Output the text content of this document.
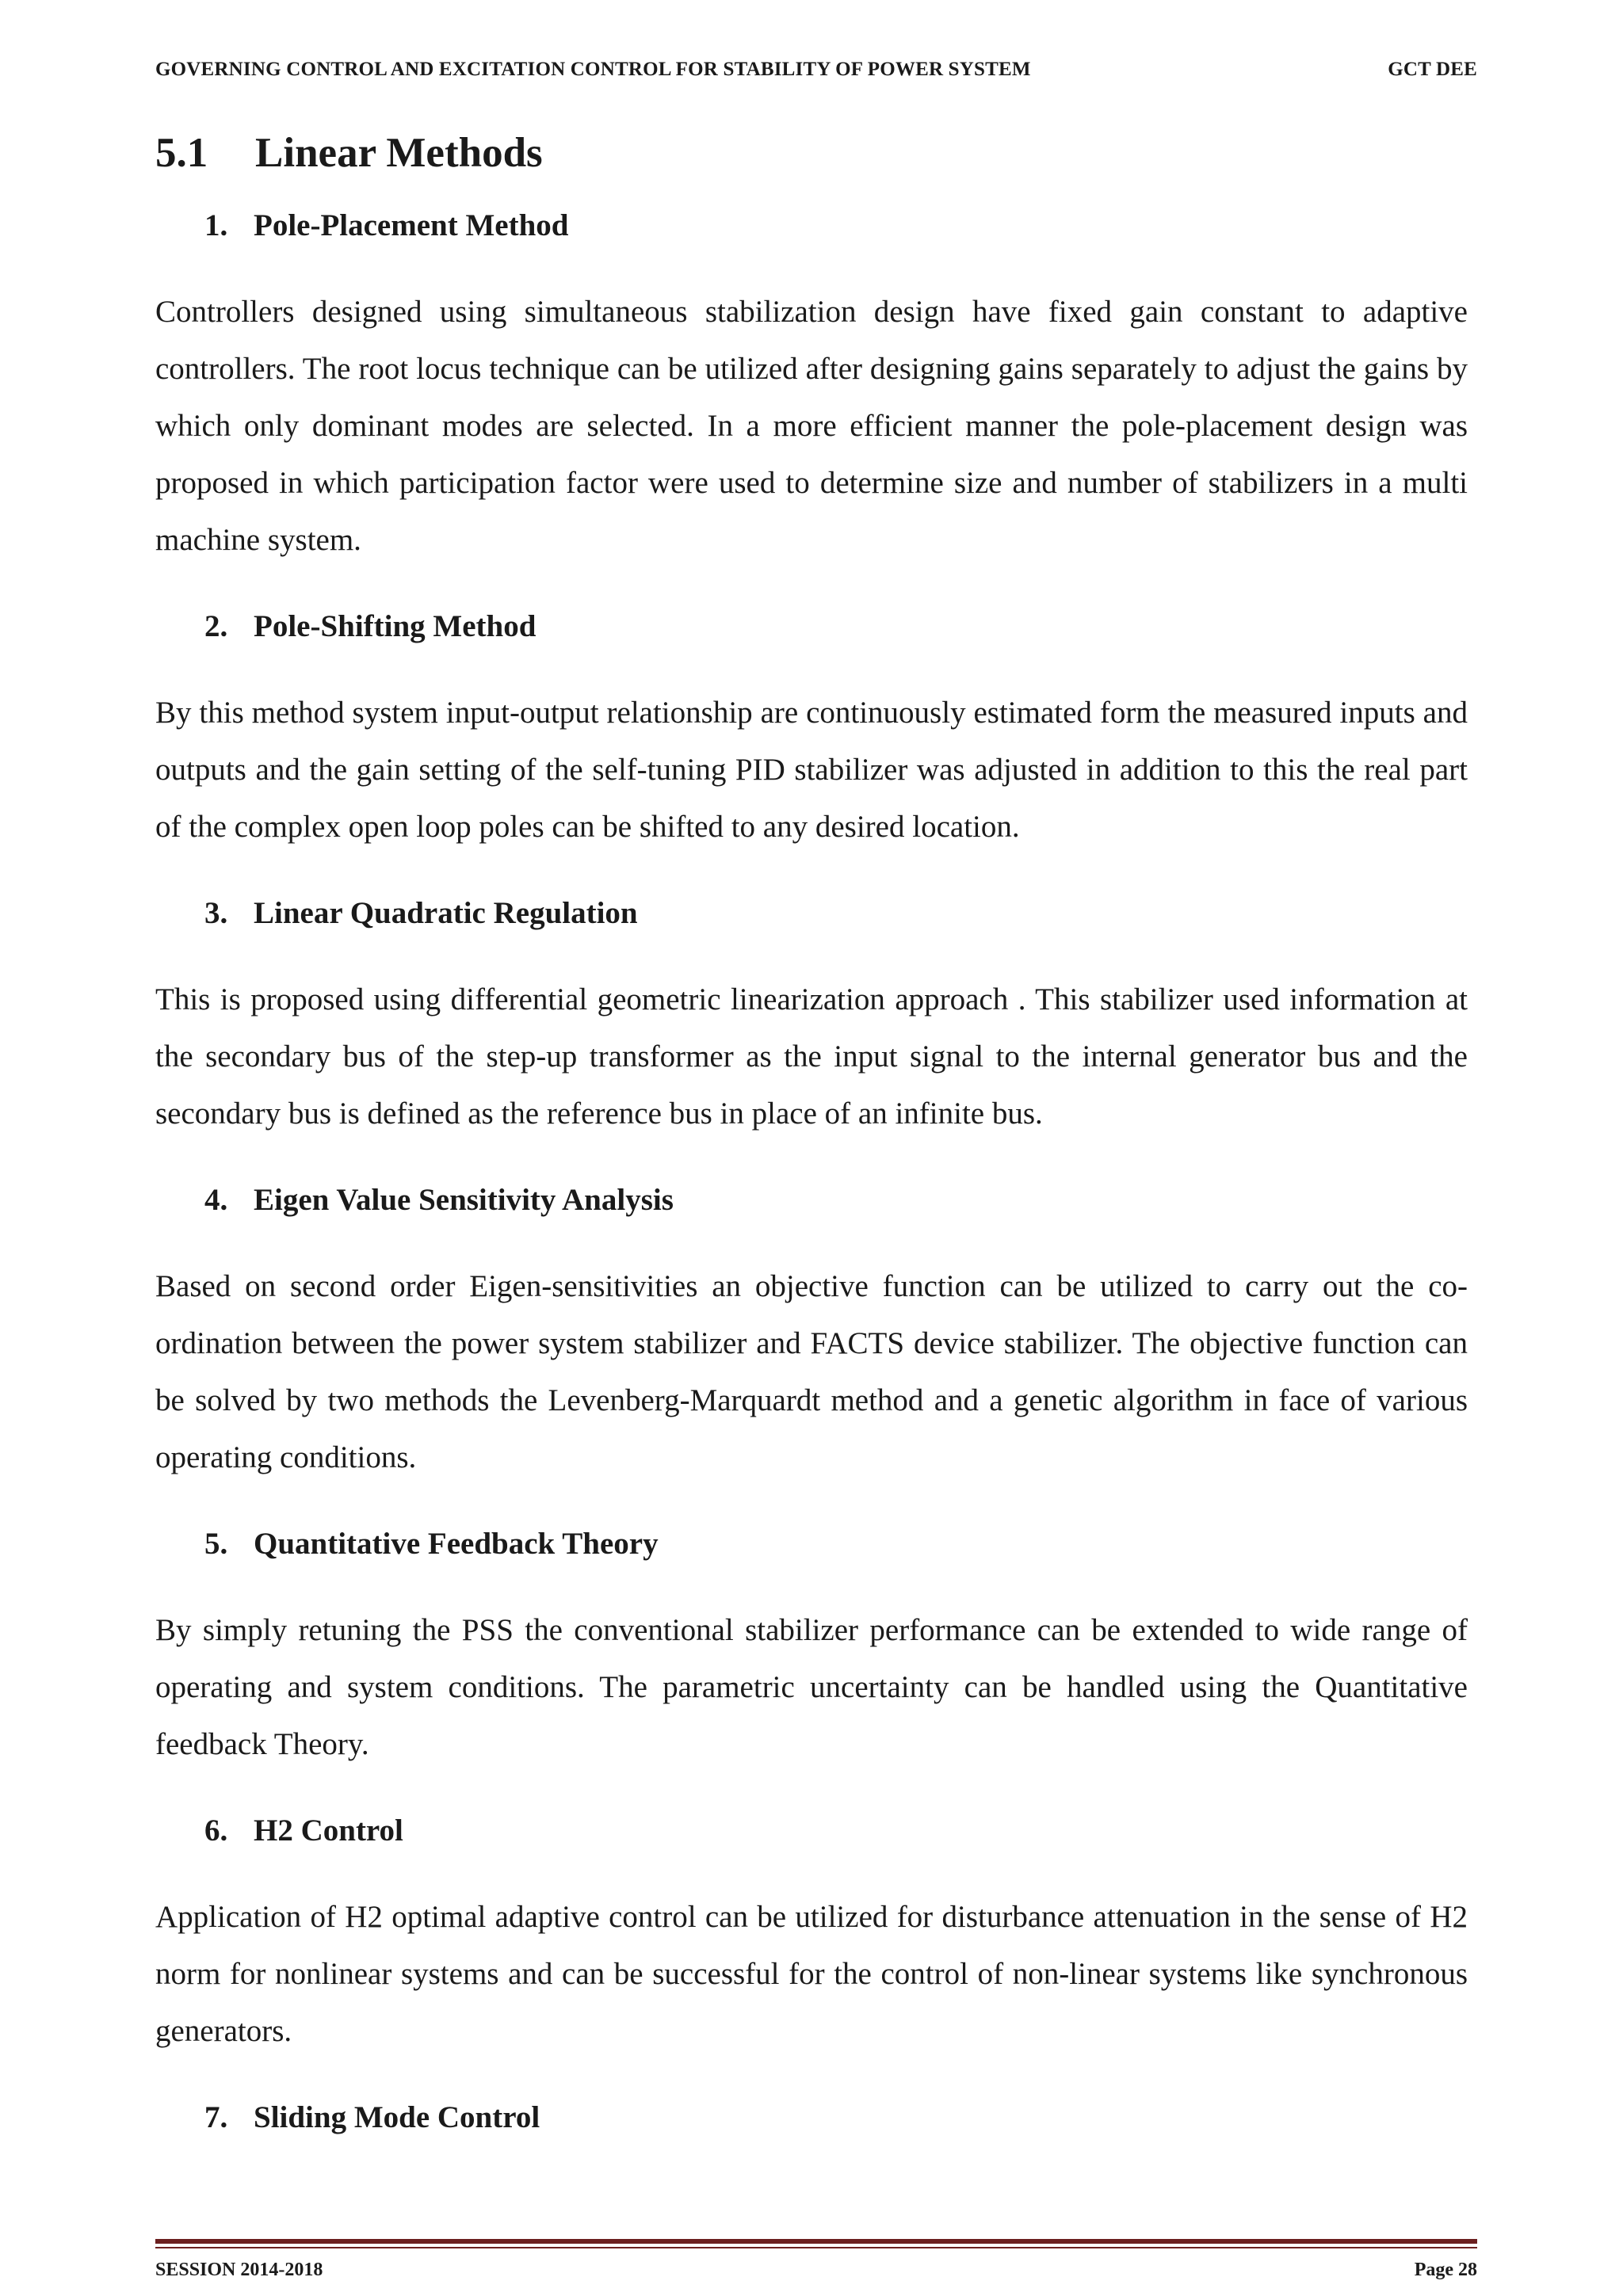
GOVERNING CONTROL AND EXCITATION CONTROL FOR STABILITY OF POWER SYSTEM	GCT DEE
5.1 Linear Methods
1. Pole-Placement Method

Controllers designed using simultaneous stabilization design have fixed gain constant to adaptive controllers. The root locus technique can be utilized after designing gains separately to adjust the gains by which only dominant modes are selected. In a more efficient manner the pole-placement design was proposed in which participation factor were used to determine size and number of stabilizers in a multi machine system.

2. Pole-Shifting Method

By this method system input-output relationship are continuously estimated form the measured inputs and outputs and the gain setting of the self-tuning PID stabilizer was adjusted in addition to this the real part of the complex open loop poles can be shifted to any desired location.

3. Linear Quadratic Regulation

This is proposed using differential geometric linearization approach . This stabilizer used information at the secondary bus of the step-up transformer as the input signal to the internal generator bus and the secondary bus is defined as the reference bus in place of an infinite bus.

4. Eigen Value Sensitivity Analysis

Based on second order Eigen-sensitivities an objective function can be utilized to carry out the co-ordination between the power system stabilizer and FACTS device stabilizer. The objective function can be solved by two methods the Levenberg-Marquardt method and a genetic algorithm in face of various operating conditions.

5. Quantitative Feedback Theory

By simply retuning the PSS the conventional stabilizer performance can be extended to wide range of operating and system conditions. The parametric uncertainty can be handled using the Quantitative feedback Theory.

6. H2 Control

Application of H2 optimal adaptive control can be utilized for disturbance attenuation in the sense of H2 norm for nonlinear systems and can be successful for the control of non-linear systems like synchronous generators.

7. Sliding Mode Control
SESSION 2014-2018	Page 28
